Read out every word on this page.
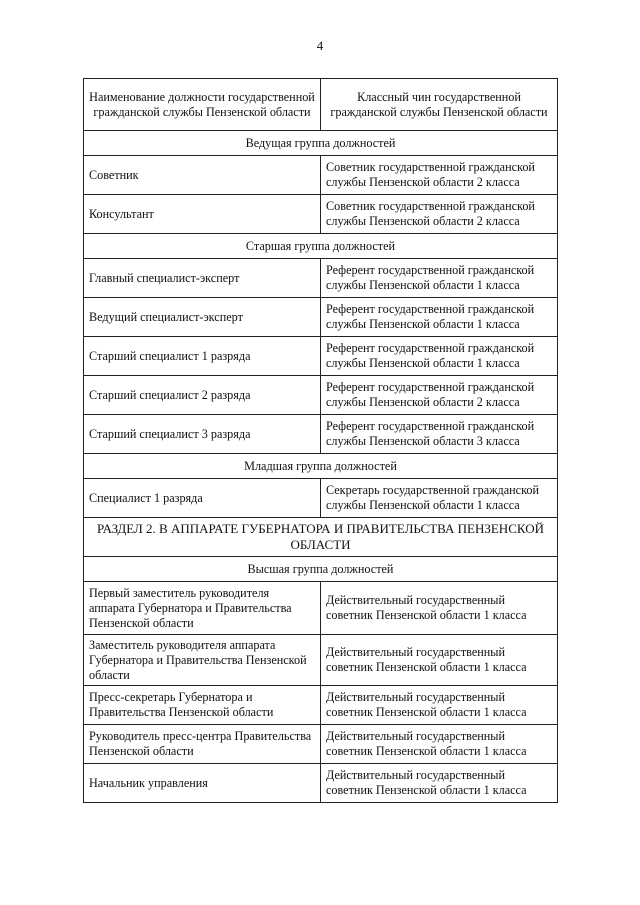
4
Наименование должности государственной гражданской службы Пензенской области	Классный чин государственной гражданской службы Пензенской области
Ведущая группа должностей	
Советник	Советник государственной гражданской службы Пензенской области 2 класса
Консультант	Советник государственной гражданской службы Пензенской области 2 класса
Старшая группа должностей	
Главный специалист-эксперт	Референт государственной гражданской службы Пензенской области 1 класса
Ведущий специалист-эксперт	Референт государственной гражданской службы Пензенской области 1 класса
Старший специалист 1 разряда	Референт государственной гражданской службы Пензенской области 1 класса
Старший специалист 2 разряда	Референт государственной гражданской службы Пензенской области 2 класса
Старший специалист 3 разряда	Референт государственной гражданской службы Пензенской области 3 класса
Младшая группа должностей	
Специалист 1 разряда	Секретарь государственной гражданской службы Пензенской области 1 класса
РАЗДЕЛ 2. В АППАРАТЕ ГУБЕРНАТОРА И ПРАВИТЕЛЬСТВА ПЕНЗЕНСКОЙ ОБЛАСТИ	
Высшая группа должностей	
Первый заместитель руководителя аппарата Губернатора и Правительства Пензенской области	Действительный государственный советник Пензенской области 1 класса
Заместитель руководителя аппарата Губернатора и Правительства Пензенской области	Действительный государственный советник Пензенской области 1 класса
Пресс-секретарь Губернатора и Правительства Пензенской области	Действительный государственный советник Пензенской области 1 класса
Руководитель пресс-центра Правительства Пензенской области	Действительный государственный советник Пензенской области 1 класса
Начальник управления	Действительный государственный советник Пензенской области 1 класса
